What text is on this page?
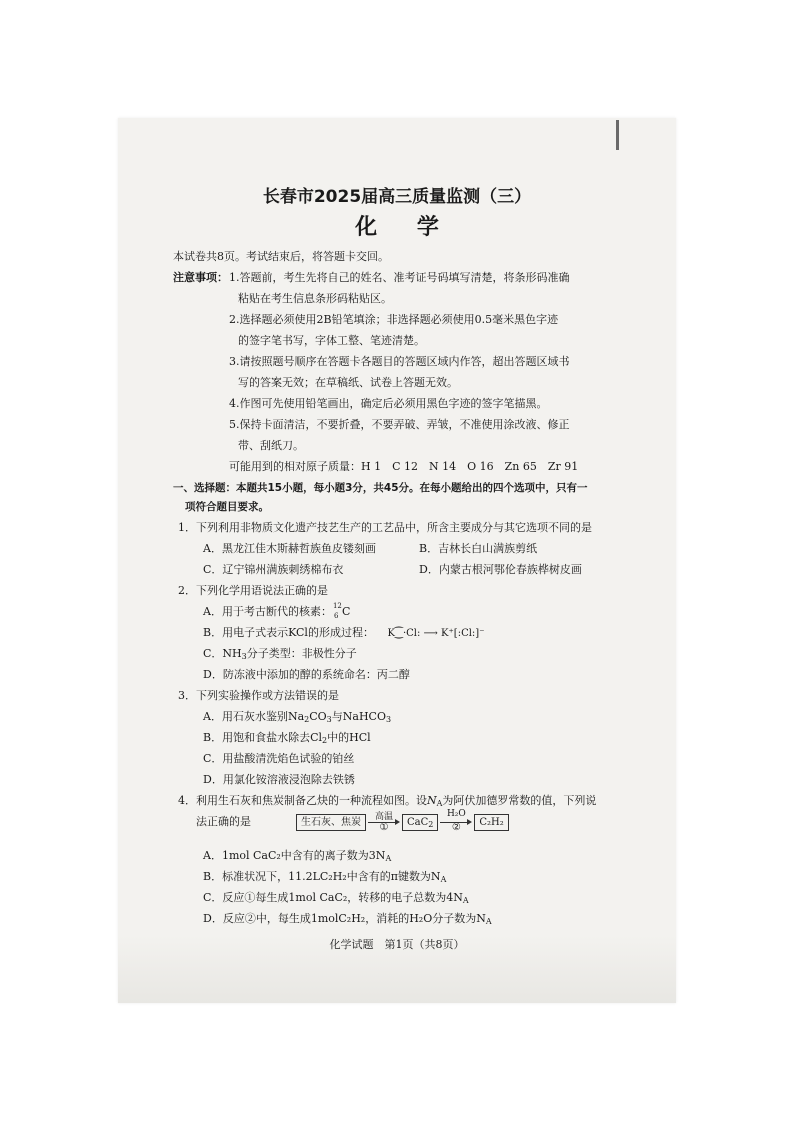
长春市2025届高三质量监测（三）
化 学
本试卷共8页。考试结束后，将答题卡交回。
注意事项： 1.答题前，考生先将自己的姓名、准考证号码填写清楚，将条形码准确
粘贴在考生信息条形码粘贴区。
2.选择题必须使用2B铅笔填涂；非选择题必须使用0.5毫米黑色字迹
的签字笔书写，字体工整、笔迹清楚。
3.请按照题号顺序在答题卡各题目的答题区域内作答，超出答题区域书
写的答案无效；在草稿纸、试卷上答题无效。
4.作图可先使用铅笔画出，确定后必须用黑色字迹的签字笔描黑。
5.保持卡面清洁，不要折叠，不要弄破、弄皱，不准使用涂改液、修正
带、刮纸刀。
可能用到的相对原子质量：H 1　C 12　N 14　O 16　Zn 65　Zr 91
一、选择题：本题共15小题，每小题3分，共45分。在每小题给出的四个选项中，只有一
项符合题目要求。
1．下列利用非物质文化遗产技艺生产的工艺品中，所含主要成分与其它选项不同的是
A．黑龙江佳木斯赫哲族鱼皮镂刻画	B．吉林长白山满族剪纸
C．辽宁锦州满族刺绣棉布衣	D．内蒙古根河鄂伦春族桦树皮画
2．下列化学用语说法正确的是
A．用于考古断代的核素： 12
6 C
B．用电子式表示KCl的形成过程： K⁐·Cl: ⟶ K⁺[:Cl:]⁻
C．$NH_3$分子类型：非极性分子
D．防冻液中添加的醇的系统命名：丙二醇
3．下列实验操作或方法错误的是
A．用石灰水鉴别$Na_2CO_3$与NaHCO$_3$
B．用饱和食盐水除去$Cl_2$中的HCl
C．用盐酸清洗焰色试验的铂丝
D．用氯化铵溶液浸泡除去铁锈
4．利用生石灰和焦炭制备乙炔的一种流程如图。设$N_A$为阿伏加德罗常数的值，下列说
法正确的是	生石灰、焦炭	高温
①	CaC$_2$
H₂O
②	C₂H₂
A．1mol CaC₂中含有的离子数为$3N_A$
B．标准状况下，11.2LC₂H₂中含有的π键数为$N_A$
C．反应①每生成1mol CaC₂，转移的电子总数为$4N_A$
D．反应②中，每生成1molC₂H₂，消耗的H₂O分子数为$N_A$
化学试题　第1页（共8页）
